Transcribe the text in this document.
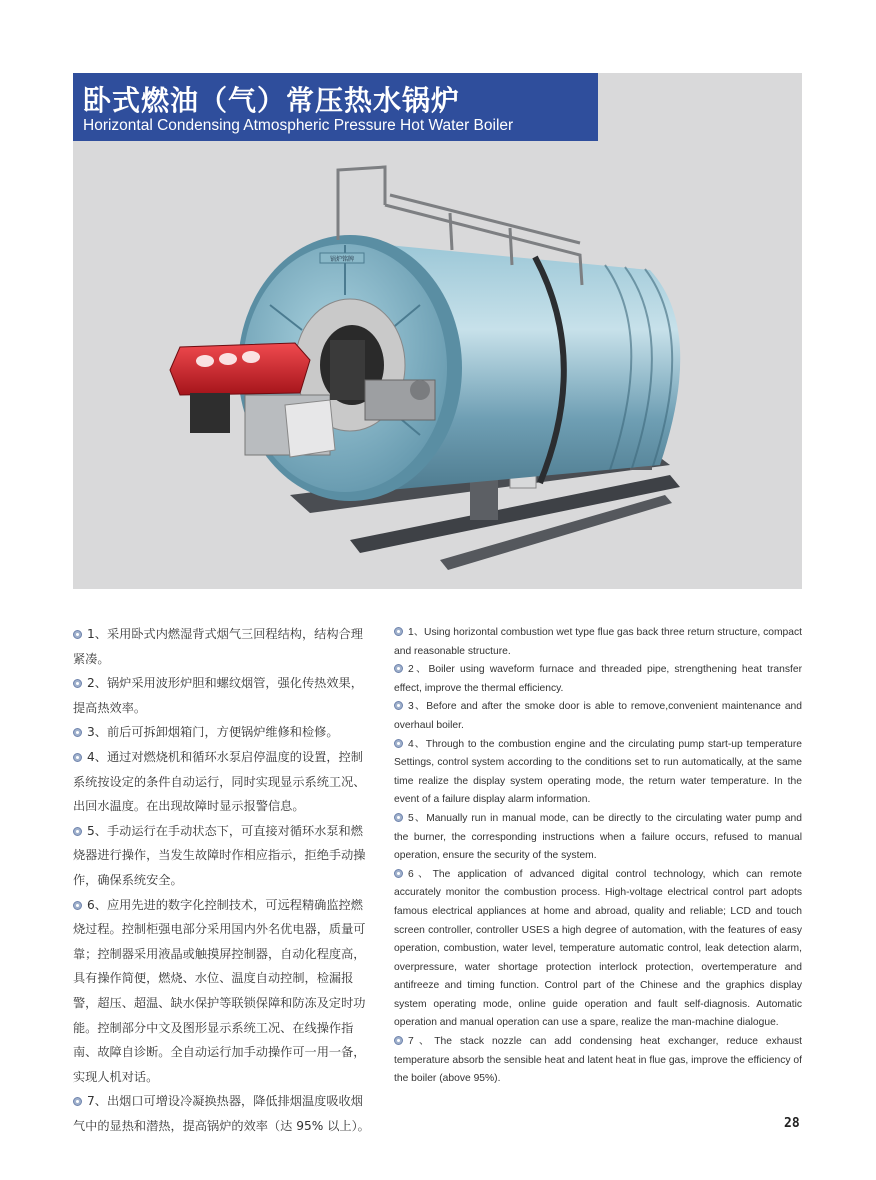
卧式燃油（气）常压热水锅炉
Horizontal Condensing Atmospheric Pressure Hot Water Boiler
锅炉铭牌

1、采用卧式内燃湿背式烟气三回程结构，结构合理紧凑。

2、锅炉采用波形炉胆和螺纹烟管，强化传热效果，提高热效率。

3、前后可拆卸烟箱门，方便锅炉维修和检修。

4、通过对燃烧机和循环水泵启停温度的设置，控制系统按设定的条件自动运行，同时实现显示系统工况、出回水温度。在出现故障时显示报警信息。

5、手动运行在手动状态下，可直接对循环水泵和燃烧器进行操作，当发生故障时作相应指示，拒绝手动操作，确保系统安全。

6、应用先进的数字化控制技术，可远程精确监控燃烧过程。控制柜强电部分采用国内外名优电器，质量可靠；控制器采用液晶或触摸屏控制器，自动化程度高，具有操作简便，燃烧、水位、温度自动控制，检漏报警，超压、超温、缺水保护等联锁保障和防冻及定时功能。控制部分中文及图形显示系统工况、在线操作指南、故障自诊断。全自动运行加手动操作可一用一备，实现人机对话。

7、出烟口可增设冷凝换热器，降低排烟温度吸收烟气中的显热和潜热，提高锅炉的效率（达 95% 以上）。

1、Using horizontal combustion wet type flue gas back three return structure, compact and reasonable structure.

2、Boiler using waveform furnace and threaded pipe, strengthening heat transfer effect, improve the thermal efficiency.

3、Before and after the smoke door is able to remove,convenient maintenance and overhaul boiler.

4、Through to the combustion engine and the circulating pump start-up temperature Settings, control system according to the conditions set to run automatically, at the same time realize the display system operating mode, the return water temperature. In the event of a failure display alarm information.

5、Manually run in manual mode, can be directly to the circulating water pump and the burner, the corresponding instructions when a failure occurs, refused to manual operation, ensure the security of the system.

6、The application of advanced digital control technology, which can remote accurately monitor the combustion process. High-voltage electrical control part adopts famous electrical appliances at home and abroad, quality and reliable; LCD and touch screen controller, controller USES a high degree of automation, with the features of easy operation, combustion, water level, temperature automatic control, leak detection alarm, overpressure, water shortage protection interlock protection, overtemperature and antifreeze and timing function. Control part of the Chinese and the graphics display system operating mode, online guide operation and fault self-diagnosis. Automatic operation and manual operation can use a spare, realize the man-machine dialogue.

7、The stack nozzle can add condensing heat exchanger, reduce exhaust temperature absorb the sensible heat and latent heat in flue gas, improve the efficiency of the boiler (above 95%).

28
